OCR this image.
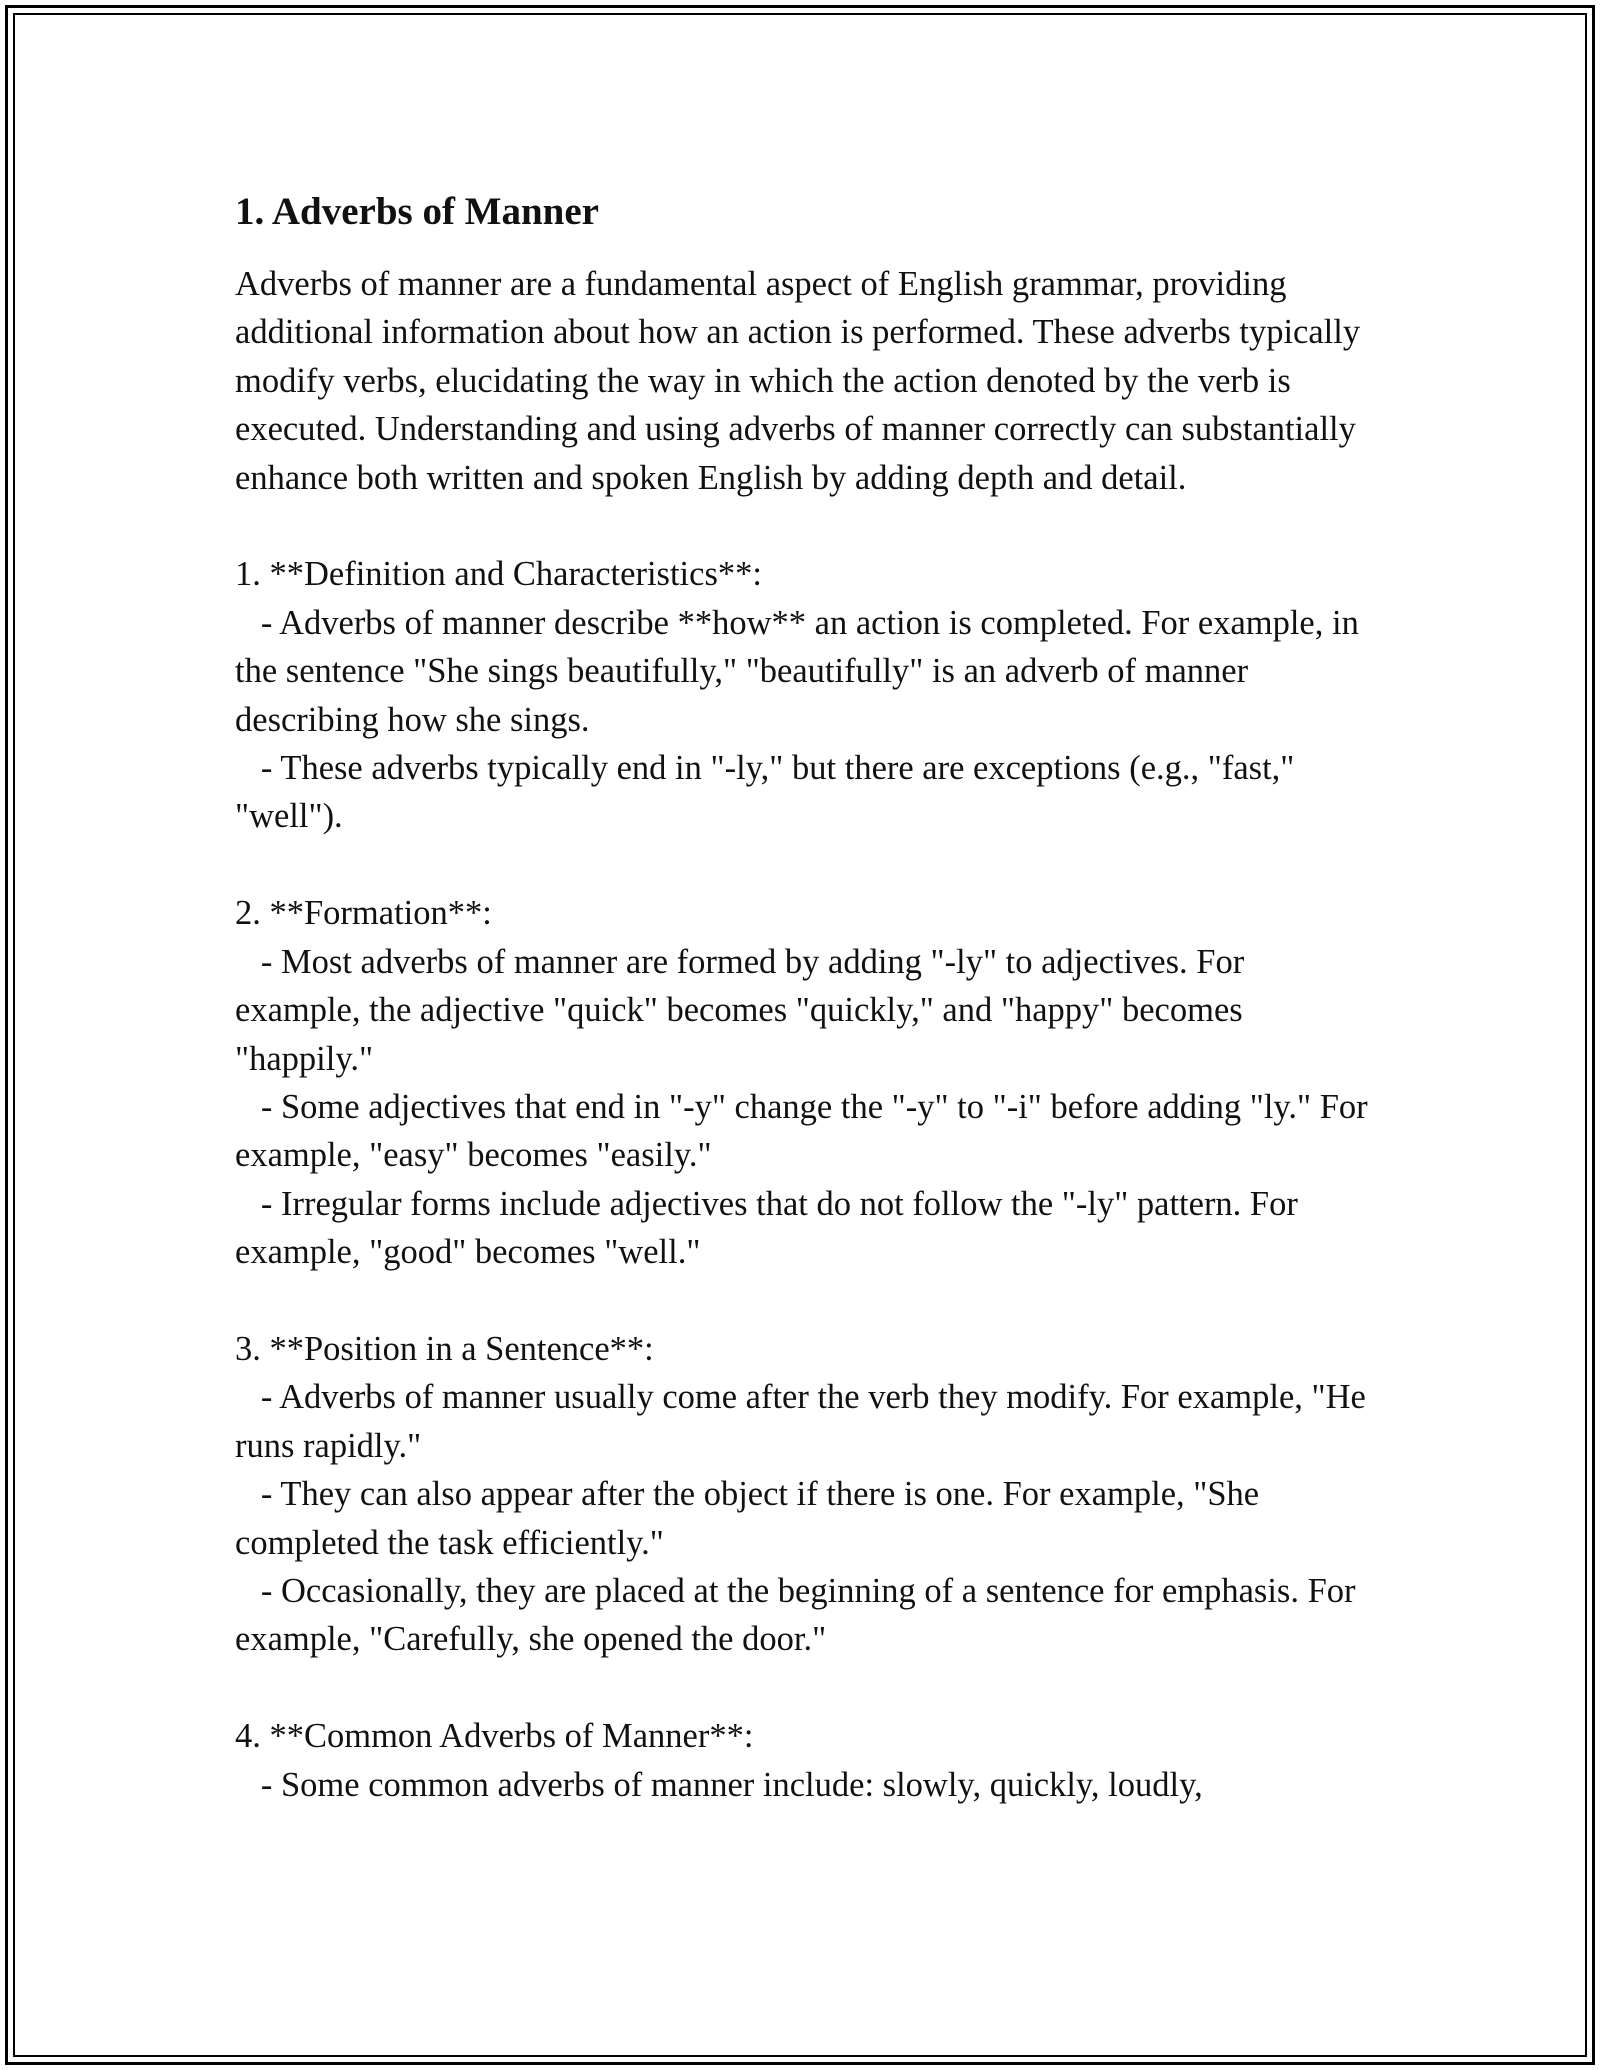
1. Adverbs of Manner

Adverbs of manner are a fundamental aspect of English grammar, providing additional information about how an action is performed. These adverbs typically modify verbs, elucidating the way in which the action denoted by the verb is executed. Understanding and using adverbs of manner correctly can substantially enhance both written and spoken English by adding depth and detail.

1. **Definition and Characteristics**:
- Adverbs of manner describe **how** an action is completed. For example, in the sentence "She sings beautifully," "beautifully" is an adverb of manner describing how she sings.
- These adverbs typically end in "-ly," but there are exceptions (e.g., "fast," "well").

2. **Formation**:
- Most adverbs of manner are formed by adding "-ly" to adjectives. For example, the adjective "quick" becomes "quickly," and "happy" becomes "happily."
- Some adjectives that end in "-y" change the "-y" to "-i" before adding "ly." For example, "easy" becomes "easily."
- Irregular forms include adjectives that do not follow the "-ly" pattern. For example, "good" becomes "well."

3. **Position in a Sentence**:
- Adverbs of manner usually come after the verb they modify. For example, "He runs rapidly."
- They can also appear after the object if there is one. For example, "She completed the task efficiently."
- Occasionally, they are placed at the beginning of a sentence for emphasis. For example, "Carefully, she opened the door."

4. **Common Adverbs of Manner**:
- Some common adverbs of manner include: slowly, quickly, loudly,
